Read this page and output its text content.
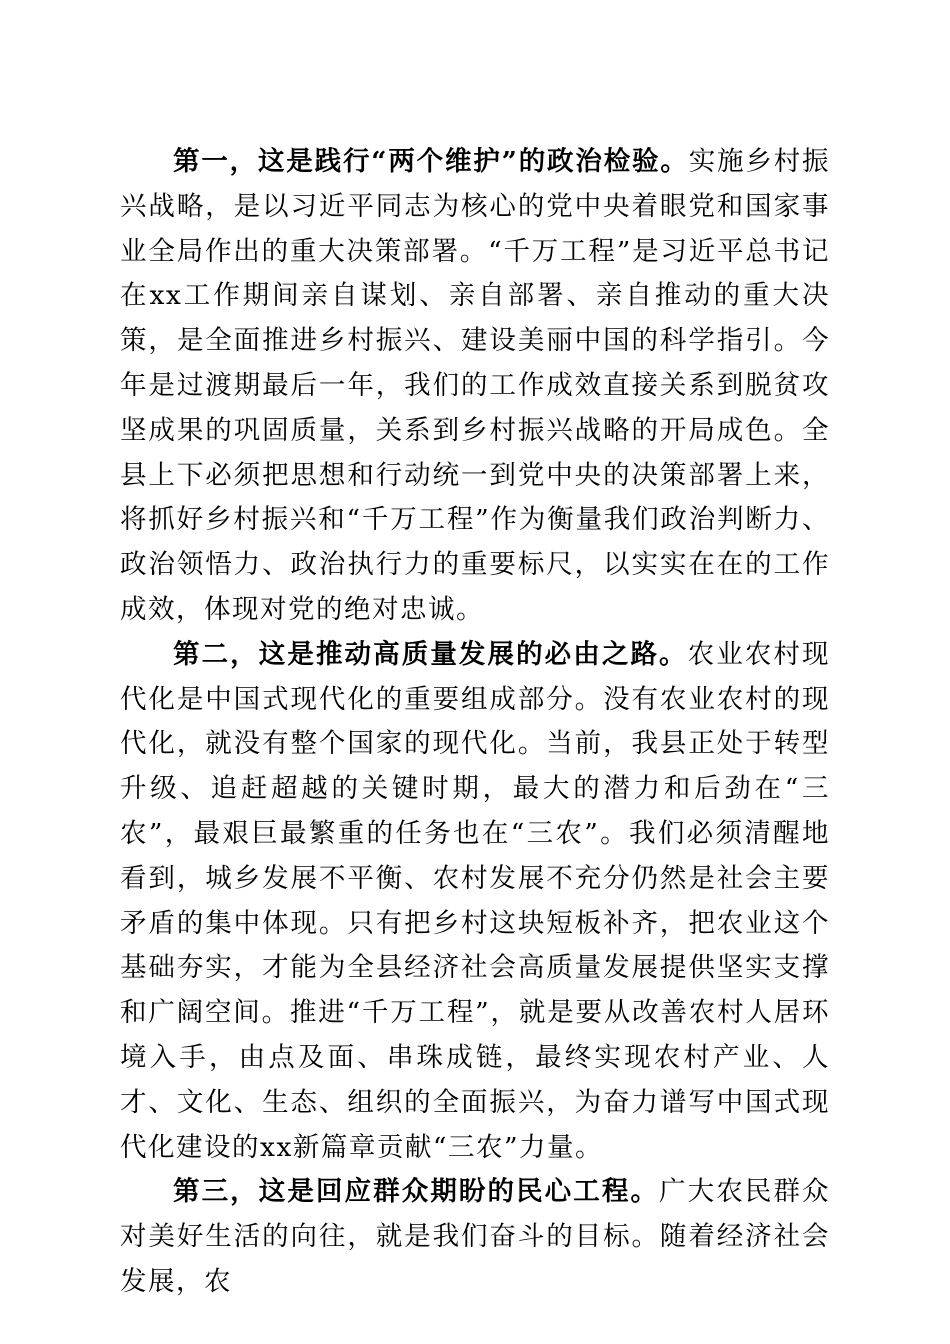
第一，这是践行“两个维护”的政治检验。实施乡村振兴战略，是以习近平同志为核心的党中央着眼党和国家事业全局作出的重大决策部署。“千万工程”是习近平总书记在xx工作期间亲自谋划、亲自部署、亲自推动的重大决策，是全面推进乡村振兴、建设美丽中国的科学指引。今年是过渡期最后一年，我们的工作成效直接关系到脱贫攻坚成果的巩固质量，关系到乡村振兴战略的开局成色。全县上下必须把思想和行动统一到党中央的决策部署上来，将抓好乡村振兴和“千万工程”作为衡量我们政治判断力、政治领悟力、政治执行力的重要标尺，以实实在在的工作成效，体现对党的绝对忠诚。

第二，这是推动高质量发展的必由之路。农业农村现代化是中国式现代化的重要组成部分。没有农业农村的现代化，就没有整个国家的现代化。当前，我县正处于转型升级、追赶超越的关键时期，最大的潜力和后劲在“三农”，最艰巨最繁重的任务也在“三农”。我们必须清醒地看到，城乡发展不平衡、农村发展不充分仍然是社会主要矛盾的集中体现。只有把乡村这块短板补齐，把农业这个基础夯实，才能为全县经济社会高质量发展提供坚实支撑和广阔空间。推进“千万工程”，就是要从改善农村人居环境入手，由点及面、串珠成链，最终实现农村产业、人才、文化、生态、组织的全面振兴，为奋力谱写中国式现代化建设的xx新篇章贡献“三农”力量。

第三，这是回应群众期盼的民心工程。广大农民群众对美好生活的向往，就是我们奋斗的目标。随着经济社会发展，农
